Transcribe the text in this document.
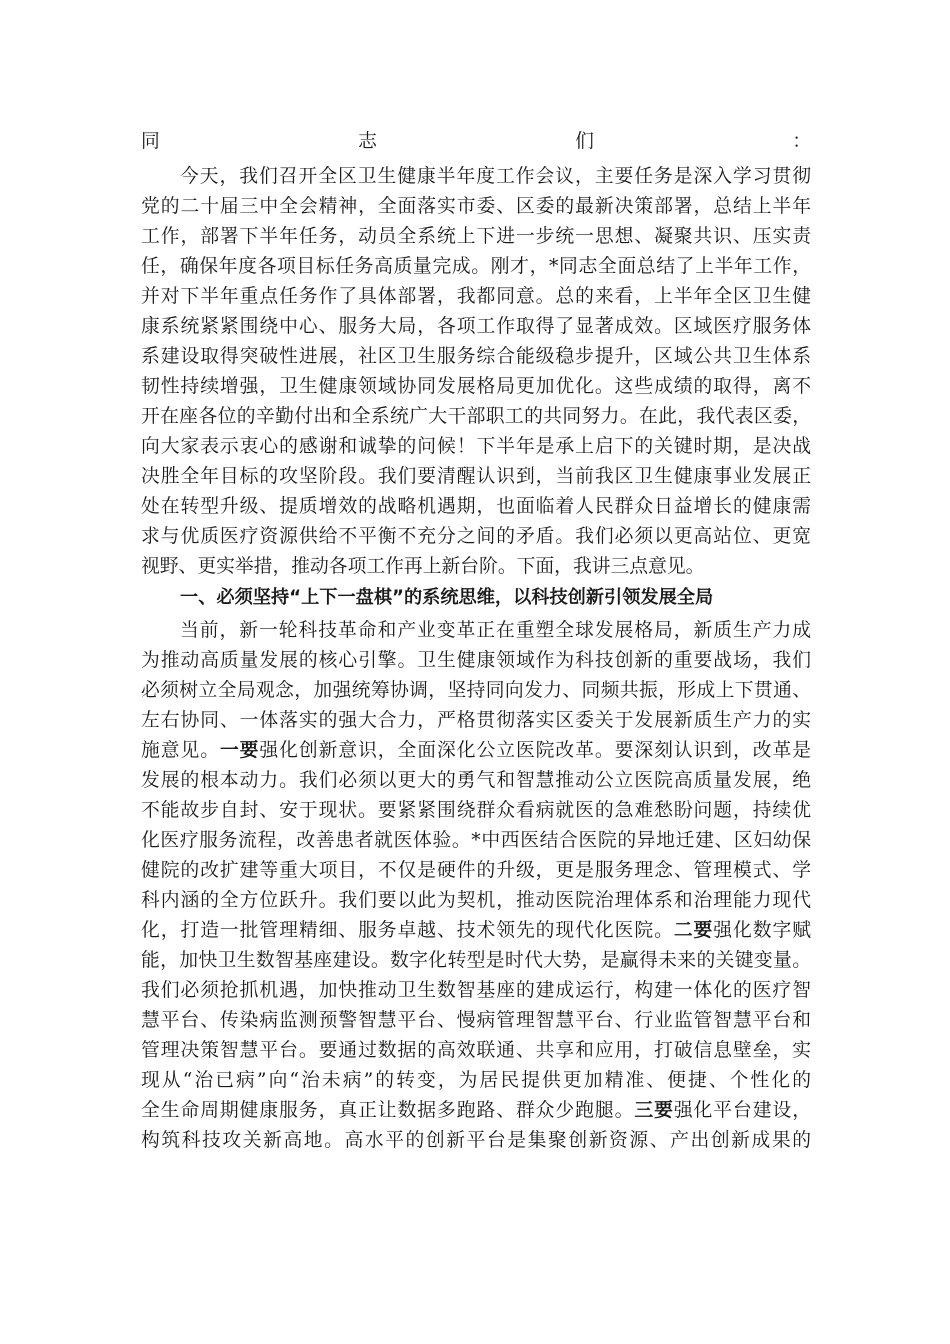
同志们：
今天，我们召开全区卫生健康半年度工作会议，主要任务是深入学习贯彻
党的二十届三中全会精神，全面落实市委、区委的最新决策部署，总结上半年
工作，部署下半年任务，动员全系统上下进一步统一思想、凝聚共识、压实责
任，确保年度各项目标任务高质量完成。刚才，*同志全面总结了上半年工作，
并对下半年重点任务作了具体部署，我都同意。总的来看，上半年全区卫生健
康系统紧紧围绕中心、服务大局，各项工作取得了显著成效。区域医疗服务体
系建设取得突破性进展，社区卫生服务综合能级稳步提升，区域公共卫生体系
韧性持续增强，卫生健康领域协同发展格局更加优化。这些成绩的取得，离不
开在座各位的辛勤付出和全系统广大干部职工的共同努力。在此，我代表区委，
向大家表示衷心的感谢和诚挚的问候！下半年是承上启下的关键时期，是决战
决胜全年目标的攻坚阶段。我们要清醒认识到，当前我区卫生健康事业发展正
处在转型升级、提质增效的战略机遇期，也面临着人民群众日益增长的健康需
求与优质医疗资源供给不平衡不充分之间的矛盾。我们必须以更高站位、更宽
视野、更实举措，推动各项工作再上新台阶。下面，我讲三点意见。
一、必须坚持“上下一盘棋”的系统思维，以科技创新引领发展全局
当前，新一轮科技革命和产业变革正在重塑全球发展格局，新质生产力成
为推动高质量发展的核心引擎。卫生健康领域作为科技创新的重要战场，我们
必须树立全局观念，加强统筹协调，坚持同向发力、同频共振，形成上下贯通、
左右协同、一体落实的强大合力，严格贯彻落实区委关于发展新质生产力的实
施意见。一要强化创新意识，全面深化公立医院改革。要深刻认识到，改革是
发展的根本动力。我们必须以更大的勇气和智慧推动公立医院高质量发展，绝
不能故步自封、安于现状。要紧紧围绕群众看病就医的急难愁盼问题，持续优
化医疗服务流程，改善患者就医体验。*中西医结合医院的异地迁建、区妇幼保
健院的改扩建等重大项目，不仅是硬件的升级，更是服务理念、管理模式、学
科内涵的全方位跃升。我们要以此为契机，推动医院治理体系和治理能力现代
化，打造一批管理精细、服务卓越、技术领先的现代化医院。二要强化数字赋
能，加快卫生数智基座建设。数字化转型是时代大势，是赢得未来的关键变量。
我们必须抢抓机遇，加快推动卫生数智基座的建成运行，构建一体化的医疗智
慧平台、传染病监测预警智慧平台、慢病管理智慧平台、行业监管智慧平台和
管理决策智慧平台。要通过数据的高效联通、共享和应用，打破信息壁垒，实
现从“治已病”向“治未病”的转变，为居民提供更加精准、便捷、个性化的
全生命周期健康服务，真正让数据多跑路、群众少跑腿。三要强化平台建设，
构筑科技攻关新高地。高水平的创新平台是集聚创新资源、产出创新成果的
